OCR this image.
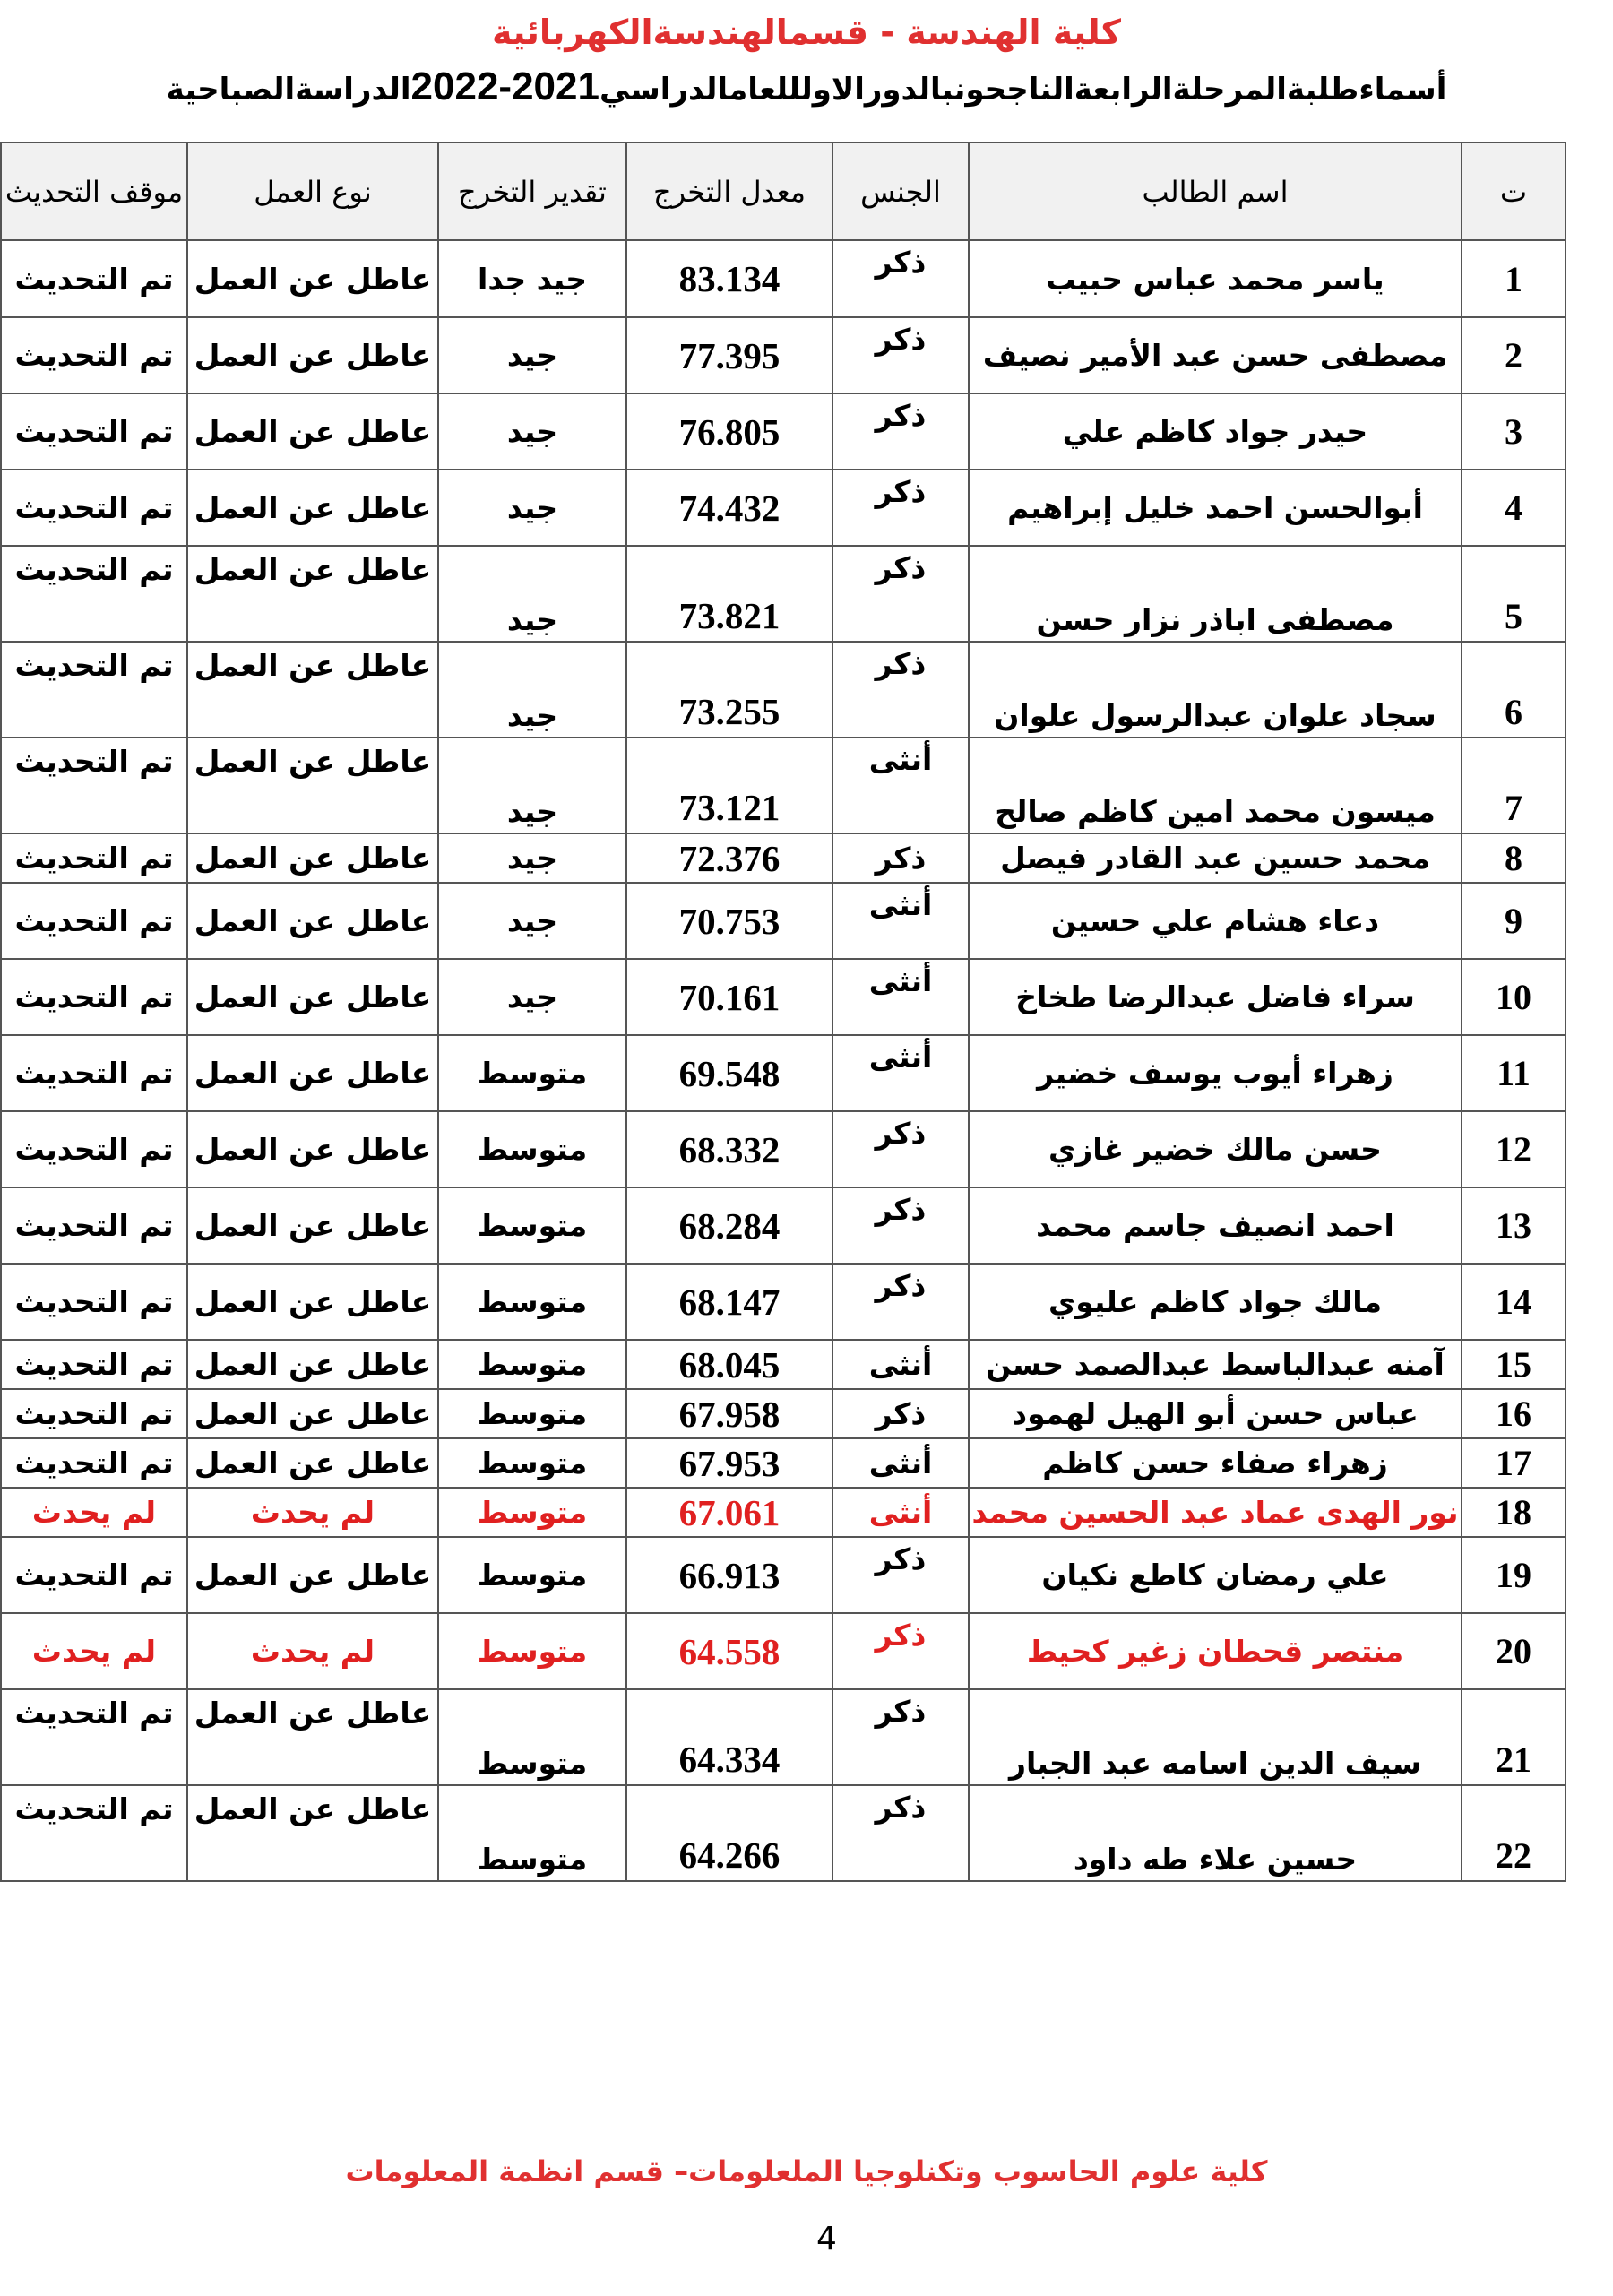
كلية الهندسة - قسمالهندسةالكهربائية
أسماءطلبةالمرحلةالرابعةالناجحونبالدورالاولللعامالدراسي2021-2022الدراسةالصباحية
ت	اسم الطالب	الجنس	معدل التخرج	تقدير التخرج	نوع العمل	موقف التحديث
1	ياسر محمد عباس حبيب	ذكر	83.134	جيد جدا	عاطل عن العمل	تم التحديث
2	مصطفى حسن عبد الأمير نصيف	ذكر	77.395	جيد	عاطل عن العمل	تم التحديث
3	حيدر جواد كاظم علي	ذكر	76.805	جيد	عاطل عن العمل	تم التحديث
4	أبوالحسن احمد خليل إبراهيم	ذكر	74.432	جيد	عاطل عن العمل	تم التحديث
5	مصطفى اباذر نزار حسن	ذكر	73.821	جيد	عاطل عن العمل	تم التحديث
6	سجاد علوان عبدالرسول علوان	ذكر	73.255	جيد	عاطل عن العمل	تم التحديث
7	ميسون محمد امين كاظم صالح	أنثى	73.121	جيد	عاطل عن العمل	تم التحديث
8	محمد حسين عبد القادر فيصل	ذكر	72.376	جيد	عاطل عن العمل	تم التحديث
9	دعاء هشام علي حسين	أنثى	70.753	جيد	عاطل عن العمل	تم التحديث
10	سراء فاضل عبدالرضا طخاخ	أنثى	70.161	جيد	عاطل عن العمل	تم التحديث
11	زهراء أيوب يوسف خضير	أنثى	69.548	متوسط	عاطل عن العمل	تم التحديث
12	حسن مالك خضير غازي	ذكر	68.332	متوسط	عاطل عن العمل	تم التحديث
13	احمد انصيف جاسم محمد	ذكر	68.284	متوسط	عاطل عن العمل	تم التحديث
14	مالك جواد كاظم عليوي	ذكر	68.147	متوسط	عاطل عن العمل	تم التحديث
15	آمنه عبدالباسط عبدالصمد حسن	أنثى	68.045	متوسط	عاطل عن العمل	تم التحديث
16	عباس حسن أبو الهيل لهمود	ذكر	67.958	متوسط	عاطل عن العمل	تم التحديث
17	زهراء صفاء حسن كاظم	أنثى	67.953	متوسط	عاطل عن العمل	تم التحديث
18	نور الهدى عماد عبد الحسين محمد	أنثى	67.061	متوسط	لم يحدث	لم يحدث
19	علي رمضان كاطع نكيان	ذكر	66.913	متوسط	عاطل عن العمل	تم التحديث
20	منتصر قحطان زغير كحيط	ذكر	64.558	متوسط	لم يحدث	لم يحدث
21	سيف الدين اسامه عبد الجبار	ذكر	64.334	متوسط	عاطل عن العمل	تم التحديث
22	حسين علاء طه داود	ذكر	64.266	متوسط	عاطل عن العمل	تم التحديث
كلية علوم الحاسوب وتكنلوجيا الملعلومات– قسم انظمة المعلومات
4
